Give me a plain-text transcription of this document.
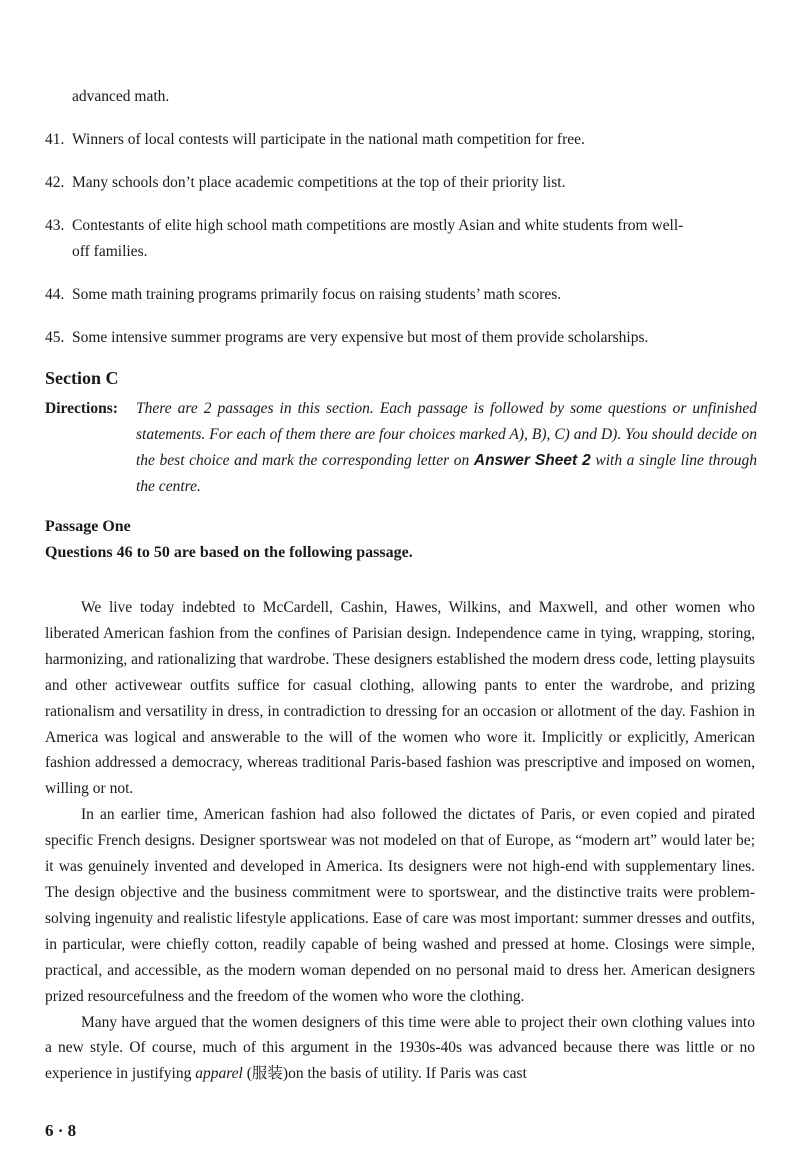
advanced math.
41. Winners of local contests will participate in the national math competition for free.
42. Many schools don’t place academic competitions at the top of their priority list.
43. Contestants of elite high school math competitions are mostly Asian and white students from well-
off families.
44. Some math training programs primarily focus on raising students’ math scores.
45. Some intensive summer programs are very expensive but most of them provide scholarships.
Section C
Directions: There are 2 passages in this section. Each passage is followed by some questions or unfinished statements. For each of them there are four choices marked A), B), C) and D). You should decide on the best choice and mark the corresponding letter on Answer Sheet 2 with a single line through the centre.
Passage One
Questions 46 to 50 are based on the following passage.

We live today indebted to McCardell, Cashin, Hawes, Wilkins, and Maxwell, and other women who liberated American fashion from the confines of Parisian design. Independence came in tying, wrapping, storing, harmonizing, and rationalizing that wardrobe. These designers established the modern dress code, letting playsuits and other activewear outfits suffice for casual clothing, allowing pants to enter the wardrobe, and prizing rationalism and versatility in dress, in contradiction to dressing for an occasion or allotment of the day. Fashion in America was logical and answerable to the will of the women who wore it. Implicitly or explicitly, American fashion addressed a democracy, whereas traditional Paris-based fashion was prescriptive and imposed on women, willing or not.

In an earlier time, American fashion had also followed the dictates of Paris, or even copied and pirated specific French designs. Designer sportswear was not modeled on that of Europe, as “modern art” would later be; it was genuinely invented and developed in America. Its designers were not high-end with supplementary lines. The design objective and the business commitment were to sportswear, and the distinctive traits were problem-solving ingenuity and realistic lifestyle applications. Ease of care was most important: summer dresses and outfits, in particular, were chiefly cotton, readily capable of being washed and pressed at home. Closings were simple, practical, and accessible, as the modern woman depended on no personal maid to dress her. American designers prized resourcefulness and the freedom of the women who wore the clothing.

Many have argued that the women designers of this time were able to project their own clothing values into a new style. Of course, much of this argument in the 1930s-40s was advanced because there was little or no experience in justifying apparel (服装)on the basis of utility. If Paris was cast

6 · 8
